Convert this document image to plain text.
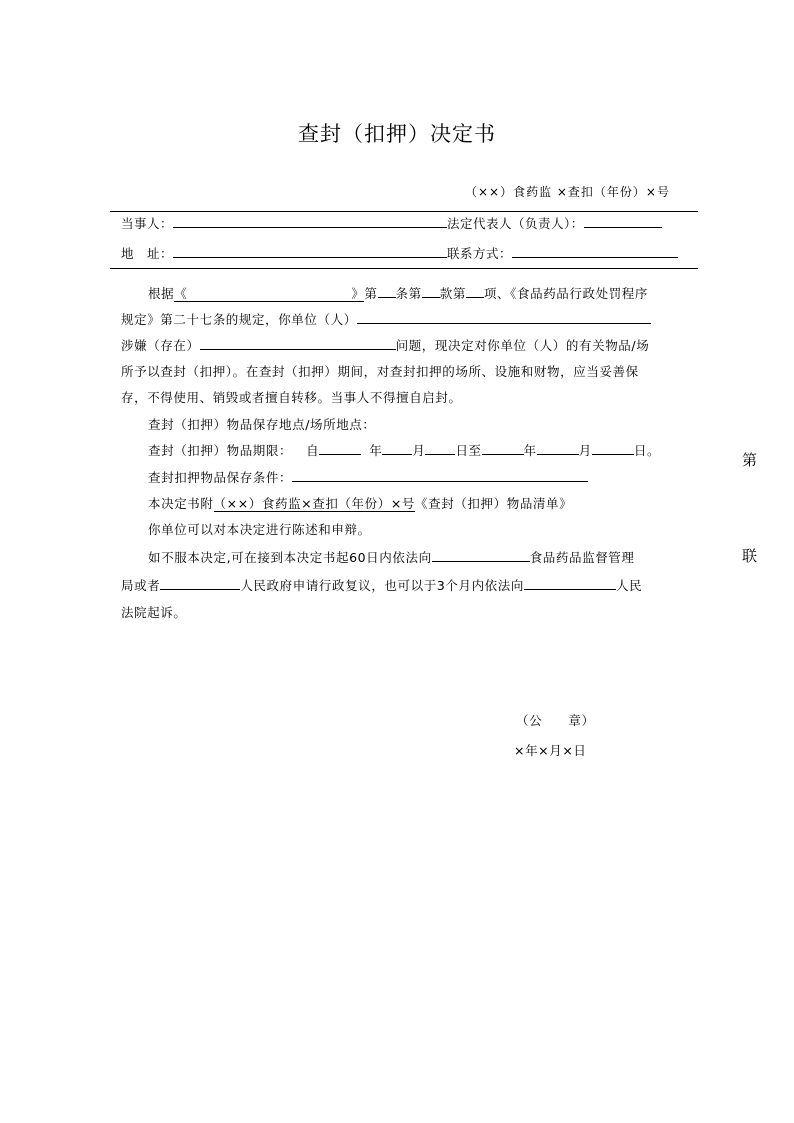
查封（扣押）决定书
（××）食药监 ×查扣（年份）×号
当事人：	法定代表人（负责人）：
地　址：	联系方式：
根据《	》第 条第 款第 项、《食品药品行政处罚程序
规定》第二十七条的规定，你单位（人）
涉嫌（存在）	问题，现决定对你单位（人）的有关物品/场
所予以查封（扣押）。在查封（扣押）期间，对查封扣押的场所、设施和财物，应当妥善保
存，不得使用、销毁或者擅自转移。当事人不得擅自启封。
查封（扣押）物品保存地点/场所地点：
查封（扣押）物品期限： 自	年 月 日至	年	月	日。
查封扣押物品保存条件：
本决定书附（××）食药监×查扣（年份）×号《查封（扣押）物品清单》
你单位可以对本决定进行陈述和申辩。
如不服本决定,可在接到本决定书起60日内依法向	食品药品监督管理
局或者	人民政府申请行政复议，也可以于3个月内依法向	人民
法院起诉。
（公　　章）
×年×月×日
第
联
